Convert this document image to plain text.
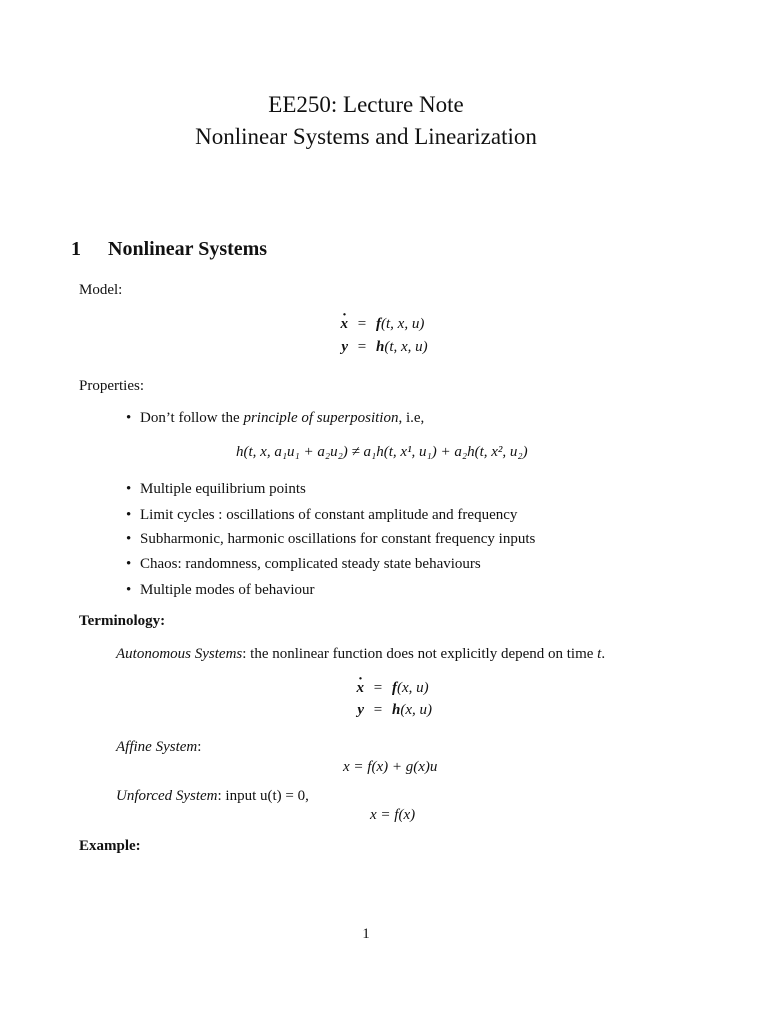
EE250: Lecture Note
Nonlinear Systems and Linearization
1 Nonlinear Systems
Model:
· x = f(t, x, u)
y = h(t, x, u)
Properties:
• Don’t follow the principle of superposition, i.e,
h(t, x, a₁u₁ + a₂u₂) ≠ a₁h(t, x¹, u₁) + a₂h(t, x², u₂)
• Multiple equilibrium points
• Limit cycles : oscillations of constant amplitude and frequency
• Subharmonic, harmonic oscillations for constant frequency inputs
• Chaos: randomness, complicated steady state behaviours
• Multiple modes of behaviour
Terminology:
Autonomous Systems: the nonlinear function does not explicitly depend on time t.
· x = f(x, u)
y = h(x, u)
Affine System:
x = f(x) + g(x)u
Unforced System: input u(t) = 0,
x = f(x)
Example:
1
